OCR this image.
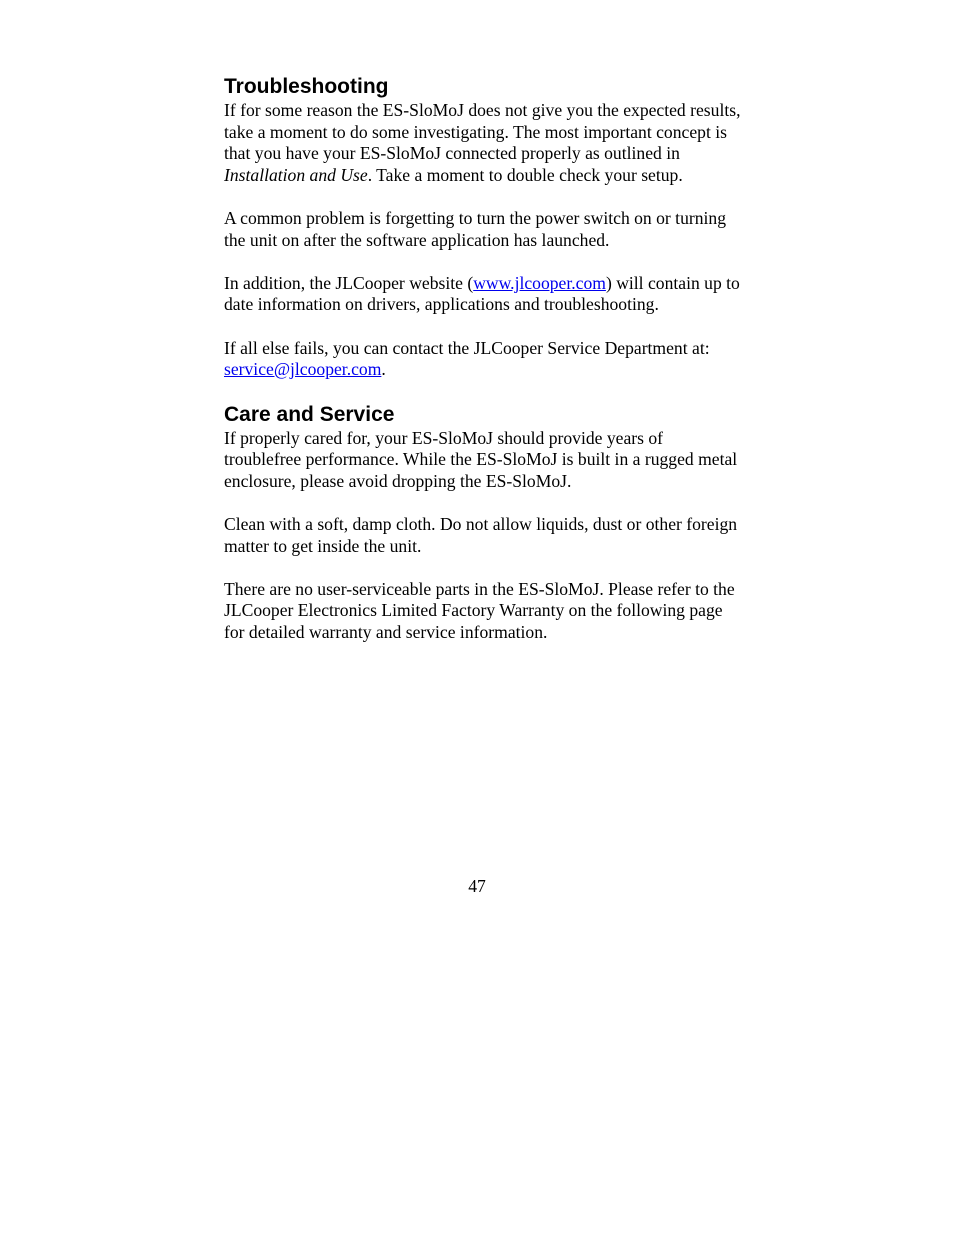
Troubleshooting

If for some reason the ES-SloMoJ does not give you the expected results, take a moment to do some investigating. The most important concept is that you have your ES-SloMoJ connected properly as outlined in Installation and Use. Take a moment to double check your setup.

A common problem is forgetting to turn the power switch on or turning the unit on after the software application has launched.

In addition, the JLCooper website (www.jlcooper.com) will contain up to date information on drivers, applications and troubleshooting.

If all else fails, you can contact the JLCooper Service Department at: service@jlcooper.com.

Care and Service

If properly cared for, your ES-SloMoJ should provide years of troublefree performance. While the ES-SloMoJ is built in a rugged metal enclosure, please avoid dropping the ES-SloMoJ.

Clean with a soft, damp cloth. Do not allow liquids, dust or other foreign matter to get inside the unit.

There are no user-serviceable parts in the ES-SloMoJ. Please refer to the JLCooper Electronics Limited Factory Warranty on the following page for detailed warranty and service information.

47
